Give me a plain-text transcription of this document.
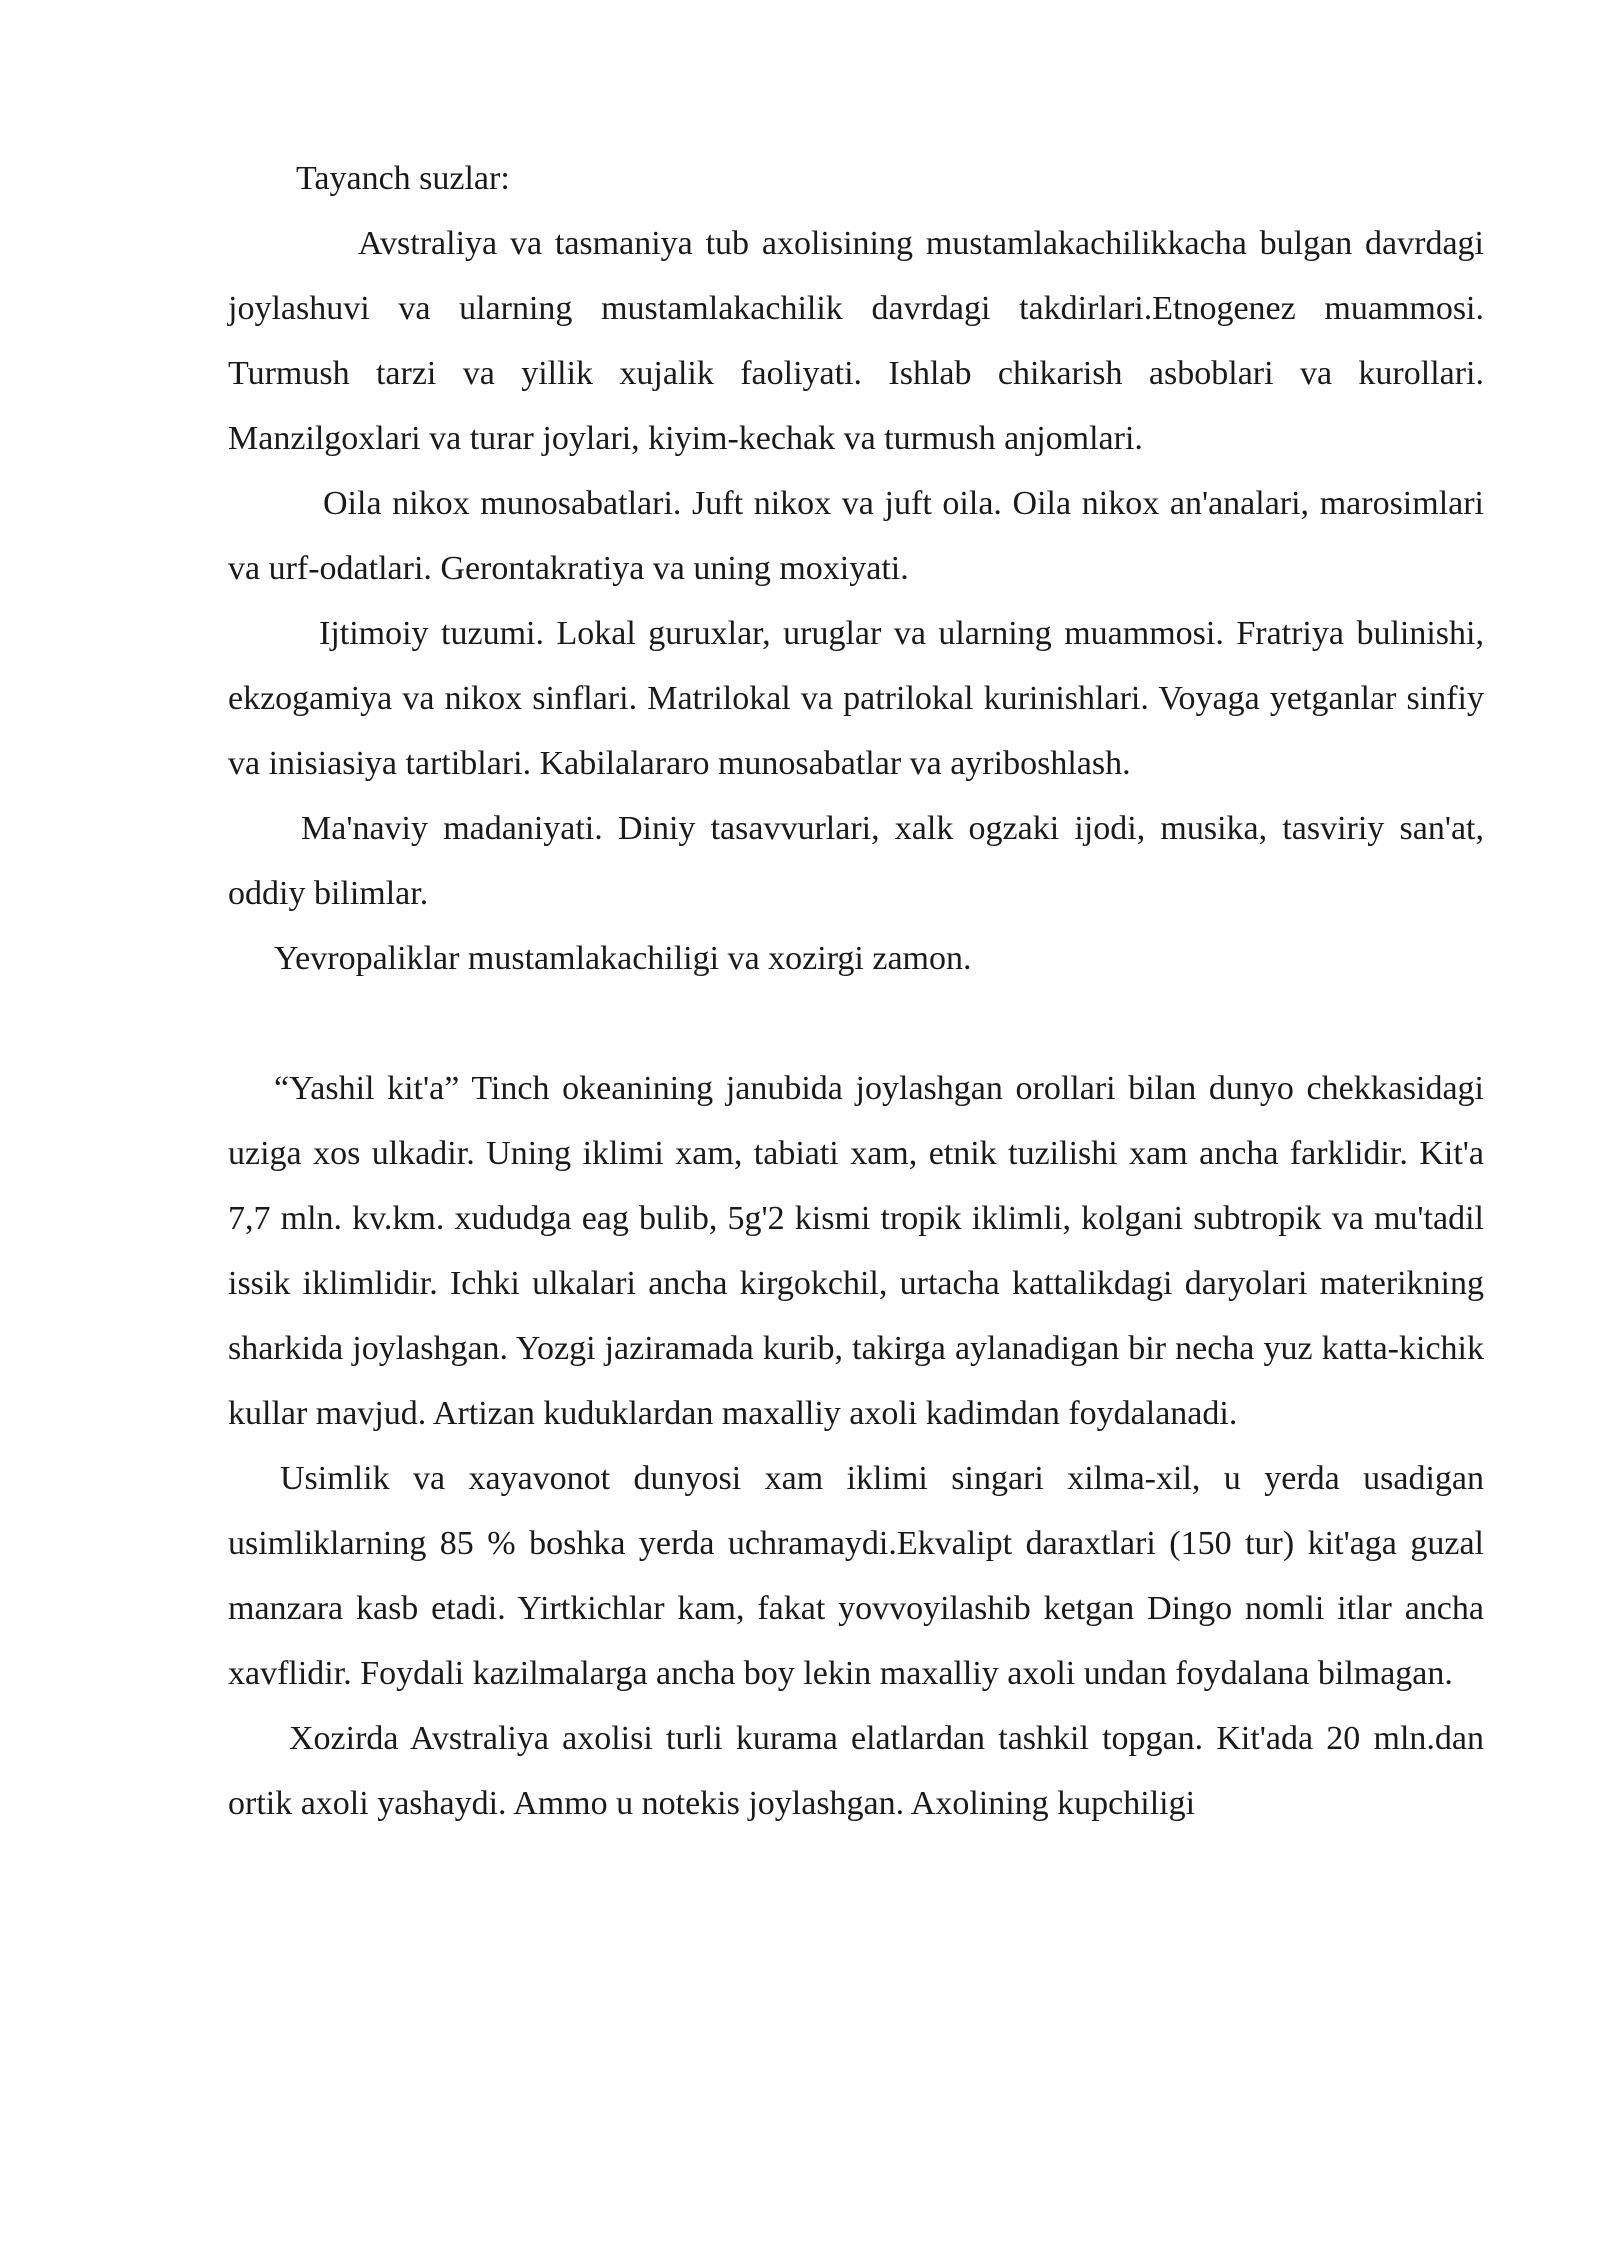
Tayanch suzlar:

Avstraliya va tasmaniya tub axolisining mustamlakachilikkacha bulgan davrdagi joylashuvi va ularning mustamlakachilik davrdagi takdirlari.Etnogenez muammosi. Turmush tarzi va yillik xujalik faoliyati. Ishlab chikarish asboblari va kurollari. Manzilgoxlari va turar joylari, kiyim-kechak va turmush anjomlari.

Oila nikox munosabatlari. Juft nikox va juft oila. Oila nikox an'analari, marosimlari va urf-odatlari. Gerontakratiya va uning moxiyati.

Ijtimoiy tuzumi. Lokal guruxlar, uruglar va ularning muammosi. Fratriya bulinishi, ekzogamiya va nikox sinflari. Matrilokal va patrilokal kurinishlari. Voyaga yetganlar sinfiy va inisiasiya tartiblari. Kabilalararo munosabatlar va ayriboshlash.

Ma'naviy madaniyati. Diniy tasavvurlari, xalk ogzaki ijodi, musika, tasviriy san'at, oddiy bilimlar.

Yevropaliklar mustamlakachiligi va xozirgi zamon.

“Yashil kit'a” Tinch okeanining janubida joylashgan orollari bilan dunyo chekkasidagi uziga xos ulkadir. Uning iklimi xam, tabiati xam, etnik tuzilishi xam ancha farklidir. Kit'a 7,7 mln. kv.km. xududga eag bulib, 5g'2 kismi tropik iklimli, kolgani subtropik va mu'tadil issik iklimlidir. Ichki ulkalari ancha kirgokchil, urtacha kattalikdagi daryolari materikning sharkida joylashgan. Yozgi jaziramada kurib, takirga aylanadigan bir necha yuz katta-kichik kullar mavjud. Artizan kuduklardan maxalliy axoli kadimdan foydalanadi.

Usimlik va xayavonot dunyosi xam iklimi singari xilma-xil, u yerda usadigan usimliklarning 85 % boshka yerda uchramaydi.Ekvalipt daraxtlari (150 tur) kit'aga guzal manzara kasb etadi. Yirtkichlar kam, fakat yovvoyilashib ketgan Dingo nomli itlar ancha xavflidir. Foydali kazilmalarga ancha boy lekin maxalliy axoli undan foydalana bilmagan.

Xozirda Avstraliya axolisi turli kurama elatlardan tashkil topgan. Kit'ada 20 mln.dan ortik axoli yashaydi. Ammo u notekis joylashgan. Axolining kupchiligi
